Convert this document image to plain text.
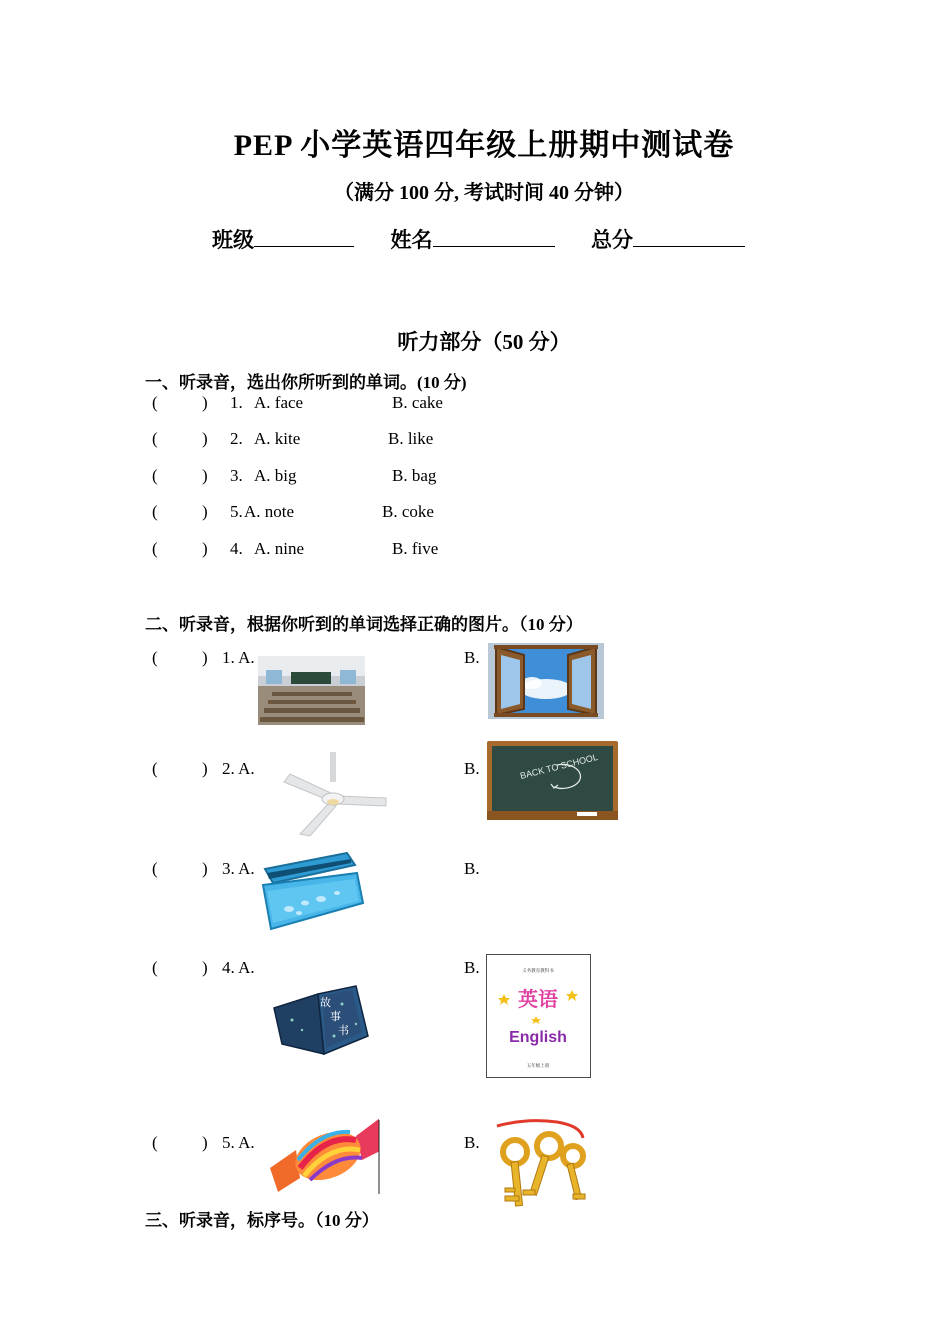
PEP 小学英语四年级上册期中测试卷
（满分 100 分, 考试时间 40 分钟）
班级	姓名	总分
听力部分（50 分）
一、听录音，选出你所听到的单词。(10 分)
(	) 1. A. face	B. cake
(	) 2. A. kite	B. like
(	) 3. A. big	B. bag
(	) 5. A. note	B. coke
(	) 4. A. nine	B. five
二、听录音，根据你听到的单词选择正确的图片。（10 分）
(	) 1. A.	B.
(	) 2. A.	B.	BACK TO SCHOOL
(	) 3. A.	B.
(	) 4. A.	B.
故
事
书
义务教育教科书
英语
English
五年级上册
(	) 5. A.	B.
三、听录音，标序号。（10 分）
